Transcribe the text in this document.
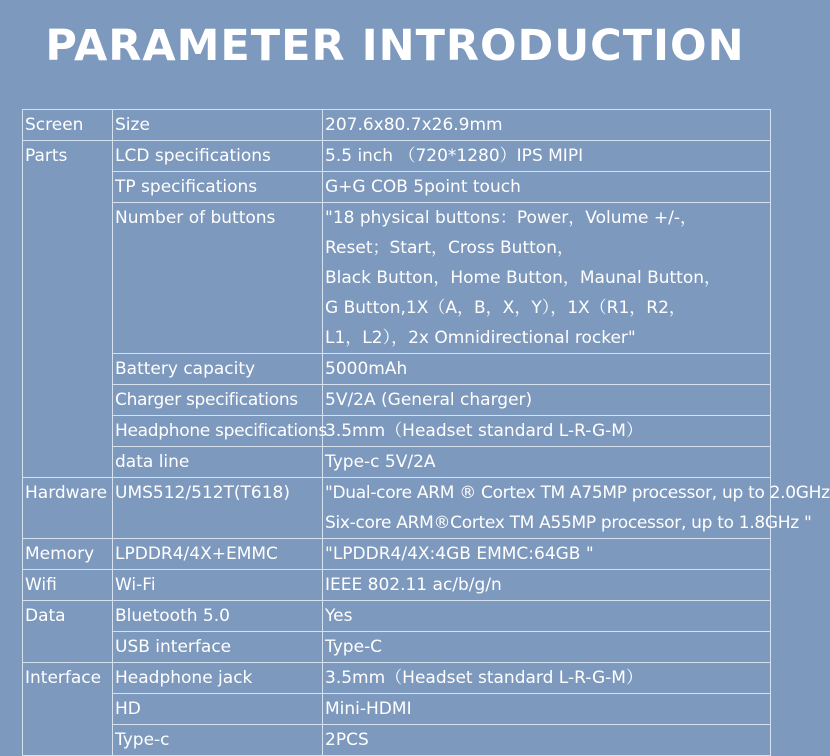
PARAMETER INTRODUCTION
Screen	Size	207.6x80.7x26.9mm
Parts	LCD specifications	5.5 inch （720*1280）IPS MIPI
	TP specifications	G+G COB 5point touch
	Number of buttons	"18 physical buttons：Power，Volume +/-，
Reset；Start，Cross Button，
Black Button，Home Button，Maunal Button，
G Button,1X（A，B，X，Y），1X（R1，R2，
L1，L2），2x Omnidirectional rocker"

	Battery capacity	5000mAh
	Charger specifications	5V/2A (General charger)
	Headphone specifications	3.5mm（Headset standard L-R-G-M）
	data line	Type-c 5V/2A
Hardware	UMS512/512T(T618)	"Dual-core ARM ® Cortex TM A75MP processor, up to 2.0GHz
Six-core ARM®Cortex TM A55MP processor, up to 1.8GHz "

Memory	LPDDR4/4X+EMMC	"LPDDR4/4X:4GB EMMC:64GB "
Wifi	Wi-Fi	IEEE 802.11 ac/b/g/n
Data	Bluetooth 5.0	Yes
	USB interface	Type-C
Interface	Headphone jack	3.5mm（Headset standard L-R-G-M）
	HD	Mini-HDMI
	Type-c	2PCS
